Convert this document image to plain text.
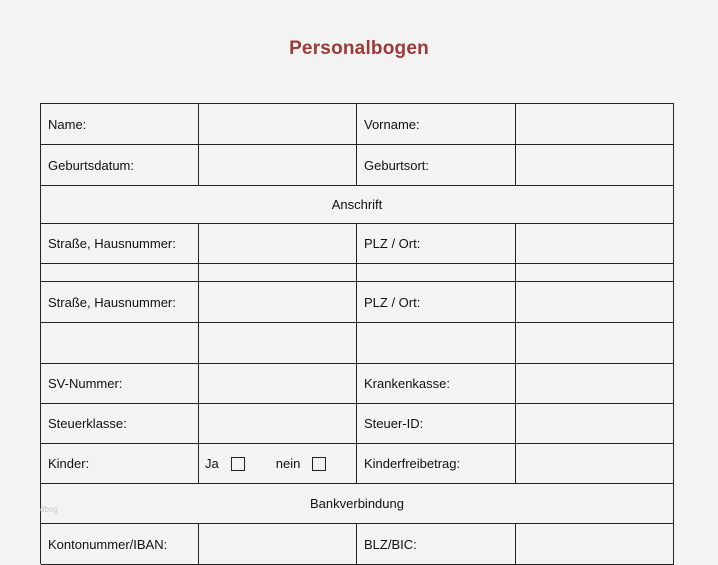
Personalbogen
Name:	Vorname:
Geburtsdatum:	Geburtsort:
Anschrift
Straße, Hausnummer:	PLZ / Ort:
Straße, Hausnummer:	PLZ / Ort:
SV-Nummer:	Krankenkasse:
Steuerklasse:	Steuer-ID:
Kinder:	Ja	nein	Kinderfreibetrag:
Bankverbindung
Kontonummer/IBAN:	BLZ/BIC:
dbog
